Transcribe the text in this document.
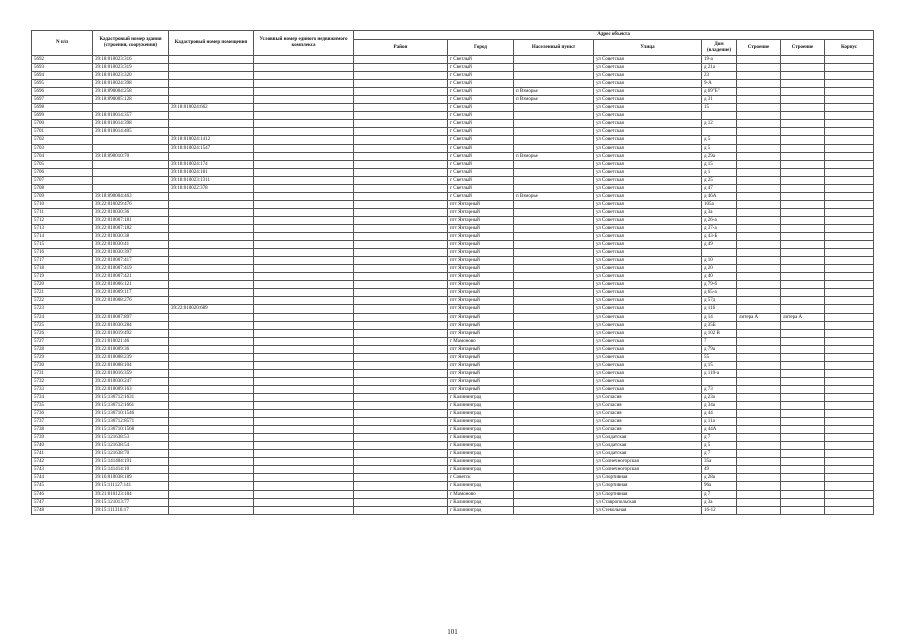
N п/п	Кадастровый номер здания (строения, сооружения)	Кадастровый номер помещения	Условный номер единого недвижимого комплекса	Адрес объекта							
				Район	Город	Населенный пункт	Улица	Дом (владение)	Строение	Строение	Корпус
5692	39:18:010023:316				г Светлый		ул Советская	19-а			
5693	39:18:010023:319				г Светлый		ул Советская	д 21а			
5694	39:18:010023:320				г Светлый		ул Советская	23			
5695	39:18:010024:398				г Светлый		ул Советская	9-А			
5696	39:18:090004:258				г Светлый	п Взморье	ул Советская	д 69"Б"			
5697	39:18:090005:128				г Светлый	п Взморье	ул Советская	д 31			
5698		39:18:010024:662			г Светлый		ул Советская	15			
5699	39:18:010014:357				г Светлый		ул Советская				
5700	39:18:010014:398				г Светлый		ул Советская	д 12			
5701	39:18:010014:405				г Светлый		ул Советская				
5702		39:18:010024:1412			г Светлый		ул Советская	д 5			
5703		39:18:010024:1547			г Светлый		ул Советская	д 5			
5704	39:18:090010:70				г Светлый	п Взморье	ул Советская	д 29а			
5705		39:18:010024:174			г Светлый		ул Советская	д 15			
5706		39:18:010024:181			г Светлый		ул Советская	д 1			
5707		39:18:010023:1311			г Светлый		ул Советская	д 25			
5708		39:18:010022:378			г Светлый		ул Советская	д 47			
5709	39:18:090004:463				г Светлый	п Взморье	ул Советская	д 46А			
5710	39:22:010029:476				пгт Янтарный		ул Советская	105а			
5711	39:22:010030:36				пгт Янтарный		ул Советская	д 3а			
5712	39:22:010007:181				пгт Янтарный		ул Советская	д 26-а			
5713	39:22:010007:182				пгт Янтарный		ул Советская	д 37-а			
5714	39:22:010030:38				пгт Янтарный		ул Советская	д 43-Б			
5715	39:22:010030:41				пгт Янтарный		ул Советская	д 49			
5716	39:22:010030:397				пгт Янтарный		ул Советская				
5717	39:22:010007:417				пгт Янтарный		ул Советская	д 10			
5718	39:22:010007:419				пгт Янтарный		ул Советская	д 20			
5719	39:22:010007:421				пгт Янтарный		ул Советская	д 40			
5720	39:22:010006:121				пгт Янтарный		ул Советская	д 79-б			
5721	39:22:010009:117				пгт Янтарный		ул Советская	д 65-а			
5722	39:22:010008:276				пгт Янтарный		ул Советская	д 57д			
5723		39:22:010020:689			пгт Янтарный		ул Советская	д 116			
5724	39:22:010007:897				пгт Янтарный		ул Советская	д 14	литера А	литера А	
5725	39:22:010030:284				пгт Янтарный		ул Советская	д 35Б			
5726	39:22:010019:492				пгт Янтарный		ул Советская	д 102 В			
5727	39:21:010021:46				г Мамоново		ул Советская	7			
5728	39:22:010009:36				пгт Янтарный		ул Советская	д 79а			
5729	39:22:010008:239				пгт Янтарный		ул Советская	55			
5730	39:22:010008:104				пгт Янтарный		ул Советская	д 15			
5731	39:22:010016:359				пгт Янтарный		ул Советская	д 110-а			
5732	39:22:010030:247				пгт Янтарный		ул Советская				
5733	39:22:010009:163				пгт Янтарный		ул Советская	д 73			
5734	39:15:130712:1631				г Калининград		ул Согласия	д 23а			
5735	39:15:130712:1661				г Калининград		ул Согласия	д 34а			
5736	39:15:130710:1546				г Калининград		ул Согласия	д 44			
5737	39:15:130712:8571				г Калининград		ул Согласия	д 11а			
5738	39:15:130710:1568				г Калининград		ул Согласия	д 44А			
5739	39:15:121638:53				г Калининград		ул Солдатская	д 7			
5740	39:15:121638:54				г Калининград		ул Солдатская	д 5			
5741	39:15:121638:70				г Калининград		ул Солдатская	д 7			
5742	39:15:141404:191				г Калининград		ул Солнечногорская	35а			
5743	39:15:141414:10				г Калининград		ул Солнечногорская	49			
5744	39:16:010038:189				г Советск		ул Спортивная	д 28а			
5745	39:15:111127:141				г Калининград		ул Спортивная	96а			
5746	39:21:010123:184				г Мамоново		ул Спортивная	д 7			
5747	39:15:121013:77				г Калининград		ул Ставропольская	д 3а			
5748	39:15:111316:17				г Калининград		ул Стекольная	16-12			
101
